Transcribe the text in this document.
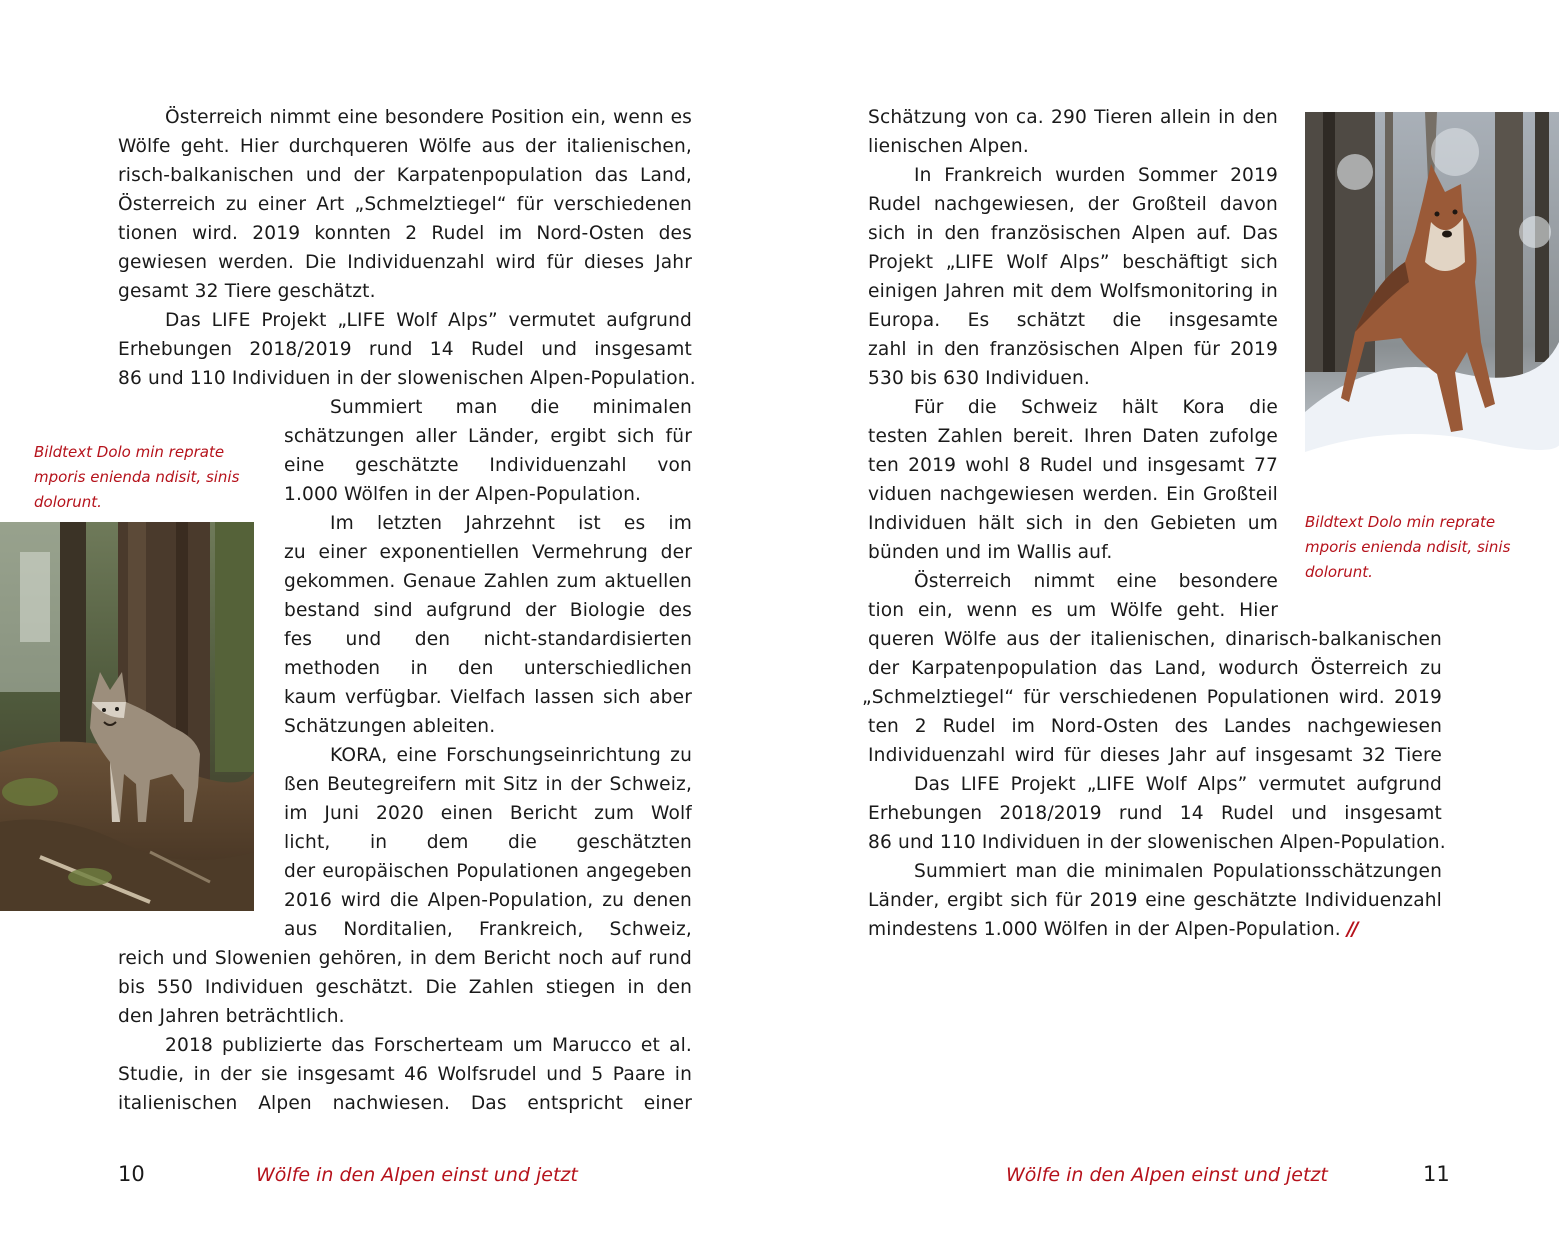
Österreich nimmt eine besondere Position ein, wenn es

Wölfe geht. Hier durchqueren Wölfe aus der italienischen,

risch-balkanischen und der Karpatenpopulation das Land,

Österreich zu einer Art „Schmelztiegel“ für verschiedenen

tionen wird. 2019 konnten 2 Rudel im Nord-Osten des

gewiesen werden. Die Individuenzahl wird für dieses Jahr

gesamt 32 Tiere geschätzt.

Das LIFE Projekt „LIFE Wolf Alps” vermutet aufgrund

Erhebungen 2018/2019 rund 14 Rudel und insgesamt

86 und 110 Individuen in der slowenischen Alpen-Population.

Summiert man die minimalen

schätzungen aller Länder, ergibt sich für

eine geschätzte Individuenzahl von

1.000 Wölfen in der Alpen-Population.

Im letzten Jahrzehnt ist es im

zu einer exponentiellen Vermehrung der

gekommen. Genaue Zahlen zum aktuellen

bestand sind aufgrund der Biologie des

fes und den nicht-standardisierten

methoden in den unterschiedlichen

kaum verfügbar. Vielfach lassen sich aber

Schätzungen ableiten.

KORA, eine Forschungseinrichtung zu

ßen Beutegreifern mit Sitz in der Schweiz,

im Juni 2020 einen Bericht zum Wolf

licht, in dem die geschätzten

der europäischen Populationen angegeben

2016 wird die Alpen-Population, zu denen

aus Norditalien, Frankreich, Schweiz,

reich und Slowenien gehören, in dem Bericht noch auf rund

bis 550 Individuen geschätzt. Die Zahlen stiegen in den

den Jahren beträchtlich.

2018 publizierte das Forscherteam um Marucco et al.

Studie, in der sie insgesamt 46 Wolfsrudel und 5 Paare in

italienischen Alpen nachwiesen. Das entspricht einer

Bildtext Dolo min reprate
mporis enienda ndisit, sinis
dolorunt.
10	Wölfe in den Alpen einst und jetzt

Schätzung von ca. 290 Tieren allein in den

lienischen Alpen.

In Frankreich wurden Sommer 2019

Rudel nachgewiesen, der Großteil davon

sich in den französischen Alpen auf. Das

Projekt „LIFE Wolf Alps” beschäftigt sich

einigen Jahren mit dem Wolfsmonitoring in

Europa. Es schätzt die insgesamte

zahl in den französischen Alpen für 2019

530 bis 630 Individuen.

Für die Schweiz hält Kora die

testen Zahlen bereit. Ihren Daten zufolge

ten 2019 wohl 8 Rudel und insgesamt 77

viduen nachgewiesen werden. Ein Großteil

Individuen hält sich in den Gebieten um

bünden und im Wallis auf.

Österreich nimmt eine besondere

tion ein, wenn es um Wölfe geht. Hier

queren Wölfe aus der italienischen, dinarisch-balkanischen

der Karpatenpopulation das Land, wodurch Österreich zu

„Schmelztiegel“ für verschiedenen Populationen wird. 2019

ten 2 Rudel im Nord-Osten des Landes nachgewiesen

Individuenzahl wird für dieses Jahr auf insgesamt 32 Tiere

Das LIFE Projekt „LIFE Wolf Alps” vermutet aufgrund

Erhebungen 2018/2019 rund 14 Rudel und insgesamt

86 und 110 Individuen in der slowenischen Alpen-Population.

Summiert man die minimalen Populationsschätzungen

Länder, ergibt sich für 2019 eine geschätzte Individuenzahl

mindestens 1.000 Wölfen in der Alpen-Population. //

Bildtext Dolo min reprate
mporis enienda ndisit, sinis
dolorunt.
Wölfe in den Alpen einst und jetzt	11
